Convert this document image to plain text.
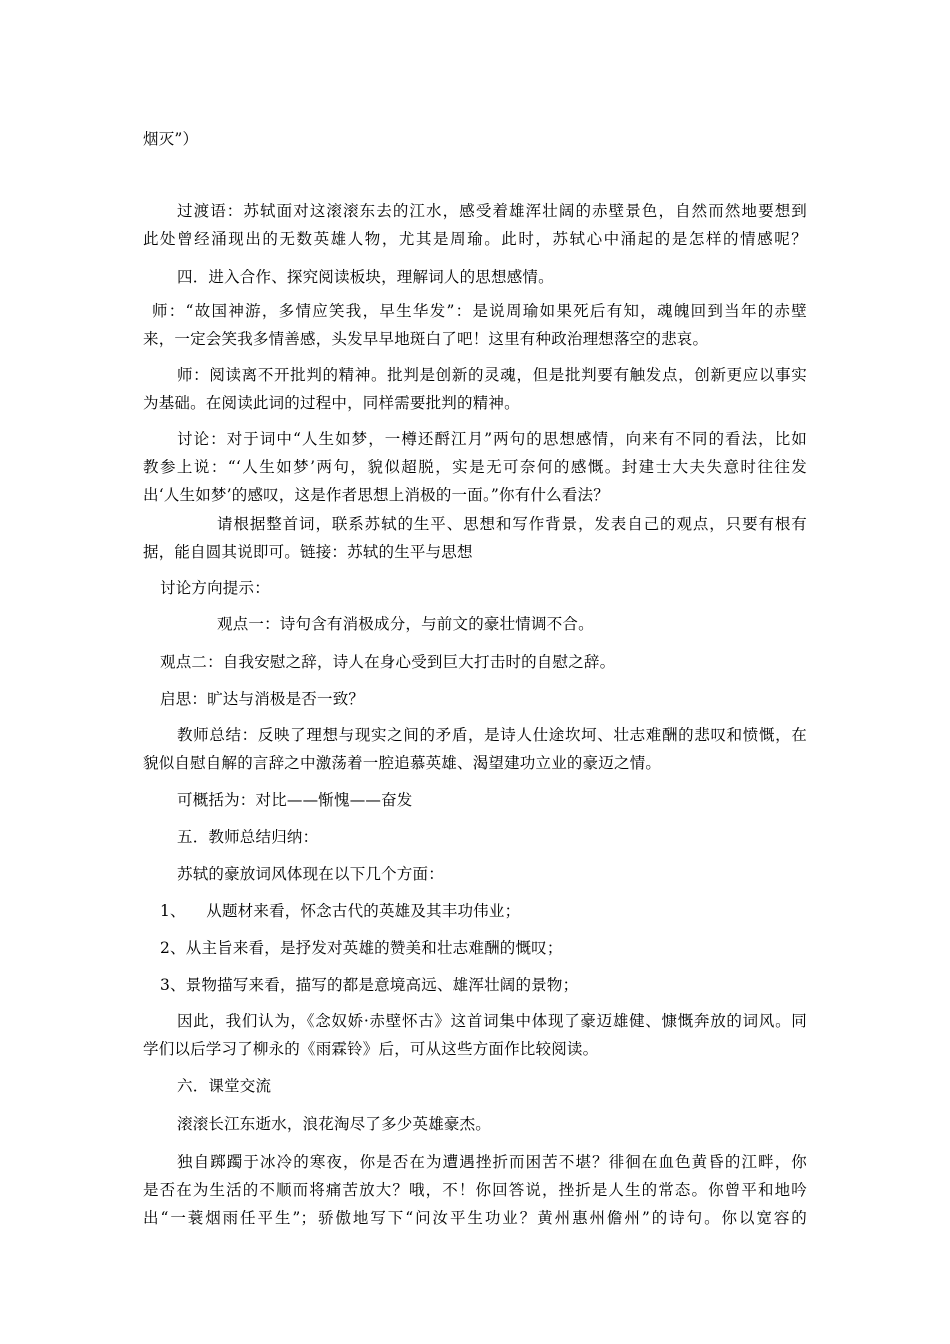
烟灭”）
过渡语：苏轼面对这滚滚东去的江水，感受着雄浑壮阔的赤壁景色，自然而然地要想到
此处曾经涌现出的无数英雄人物，尤其是周瑜。此时，苏轼心中涌起的是怎样的情感呢？
四．进入合作、探究阅读板块，理解词人的思想感情。
师：“故国神游，多情应笑我，早生华发”：是说周瑜如果死后有知，魂魄回到当年的赤壁
来，一定会笑我多情善感，头发早早地斑白了吧！这里有种政治理想落空的悲哀。
师：阅读离不开批判的精神。批判是创新的灵魂，但是批判要有触发点，创新更应以事实
为基础。在阅读此词的过程中，同样需要批判的精神。
讨论：对于词中“人生如梦，一樽还酹江月”两句的思想感情，向来有不同的看法，比如
教参上说：“‘人生如梦’两句，貌似超脱，实是无可奈何的感慨。封建士大夫失意时往往发
出‘人生如梦’的感叹，这是作者思想上消极的一面。”你有什么看法？
请根据整首词，联系苏轼的生平、思想和写作背景，发表自己的观点，只要有根有
据，能自圆其说即可。链接：苏轼的生平与思想
讨论方向提示：
观点一：诗句含有消极成分，与前文的豪壮情调不合。
观点二：自我安慰之辞，诗人在身心受到巨大打击时的自慰之辞。
启思：旷达与消极是否一致？
教师总结：反映了理想与现实之间的矛盾，是诗人仕途坎坷、壮志难酬的悲叹和愤慨，在
貌似自慰自解的言辞之中激荡着一腔追慕英雄、渴望建功立业的豪迈之情。
可概括为：对比——惭愧——奋发
五．教师总结归纳：
苏轼的豪放词风体现在以下几个方面：
1、    从题材来看，怀念古代的英雄及其丰功伟业；
2、从主旨来看，是抒发对英雄的赞美和壮志难酬的慨叹；
3、景物描写来看，描写的都是意境高远、雄浑壮阔的景物；
因此，我们认为，《念奴娇·赤壁怀古》这首词集中体现了豪迈雄健、慷慨奔放的词风。同
学们以后学习了柳永的《雨霖铃》后，可从这些方面作比较阅读。
六．课堂交流
滚滚长江东逝水，浪花淘尽了多少英雄豪杰。
独自踯躅于冰冷的寒夜，你是否在为遭遇挫折而困苦不堪？徘徊在血色黄昏的江畔，你
是否在为生活的不顺而将痛苦放大？哦，不！你回答说，挫折是人生的常态。你曾平和地吟
出“一蓑烟雨任平生”；骄傲地写下“问汝平生功业？黄州惠州儋州”的诗句。你以宽容的
